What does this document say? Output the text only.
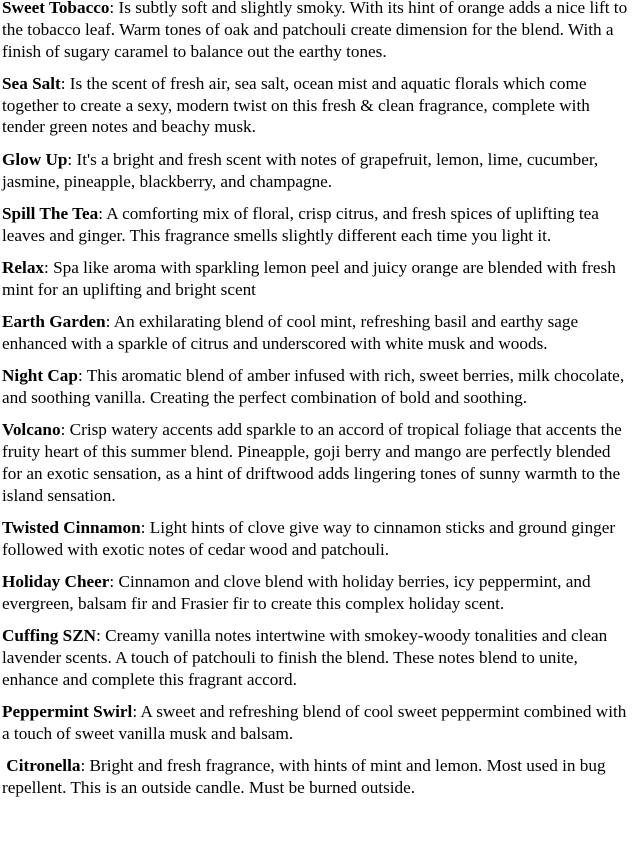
Sweet Tobacco: Is subtly soft and slightly smoky. With its hint of orange adds a nice lift to the tobacco leaf. Warm tones of oak and patchouli create dimension for the blend. With a finish of sugary caramel to balance out the earthy tones.

Sea Salt: Is the scent of fresh air, sea salt, ocean mist and aquatic florals which come together to create a sexy, modern twist on this fresh & clean fragrance, complete with tender green notes and beachy musk.

Glow Up: It's a bright and fresh scent with notes of grapefruit, lemon, lime, cucumber, jasmine, pineapple, blackberry, and champagne.

Spill The Tea: A comforting mix of floral, crisp citrus, and fresh spices of uplifting tea leaves and ginger. This fragrance smells slightly different each time you light it.

Relax: Spa like aroma with sparkling lemon peel and juicy orange are blended with fresh mint for an uplifting and bright scent

Earth Garden: An exhilarating blend of cool mint, refreshing basil and earthy sage enhanced with a sparkle of citrus and underscored with white musk and woods.

Night Cap: This aromatic blend of amber infused with rich, sweet berries, milk chocolate, and soothing vanilla. Creating the perfect combination of bold and soothing.

Volcano: Crisp watery accents add sparkle to an accord of tropical foliage that accents the fruity heart of this summer blend. Pineapple, goji berry and mango are perfectly blended for an exotic sensation, as a hint of driftwood adds lingering tones of sunny warmth to the island sensation.

Twisted Cinnamon: Light hints of clove give way to cinnamon sticks and ground ginger followed with exotic notes of cedar wood and patchouli.

Holiday Cheer: Cinnamon and clove blend with holiday berries, icy peppermint, and evergreen, balsam fir and Frasier fir to create this complex holiday scent.

Cuffing SZN: Creamy vanilla notes intertwine with smokey-woody tonalities and clean lavender scents. A touch of patchouli to finish the blend. These notes blend to unite, enhance and complete this fragrant accord.

Peppermint Swirl: A sweet and refreshing blend of cool sweet peppermint combined with a touch of sweet vanilla musk and balsam.

Citronella: Bright and fresh fragrance, with hints of mint and lemon. Most used in bug repellent. This is an outside candle. Must be burned outside.
